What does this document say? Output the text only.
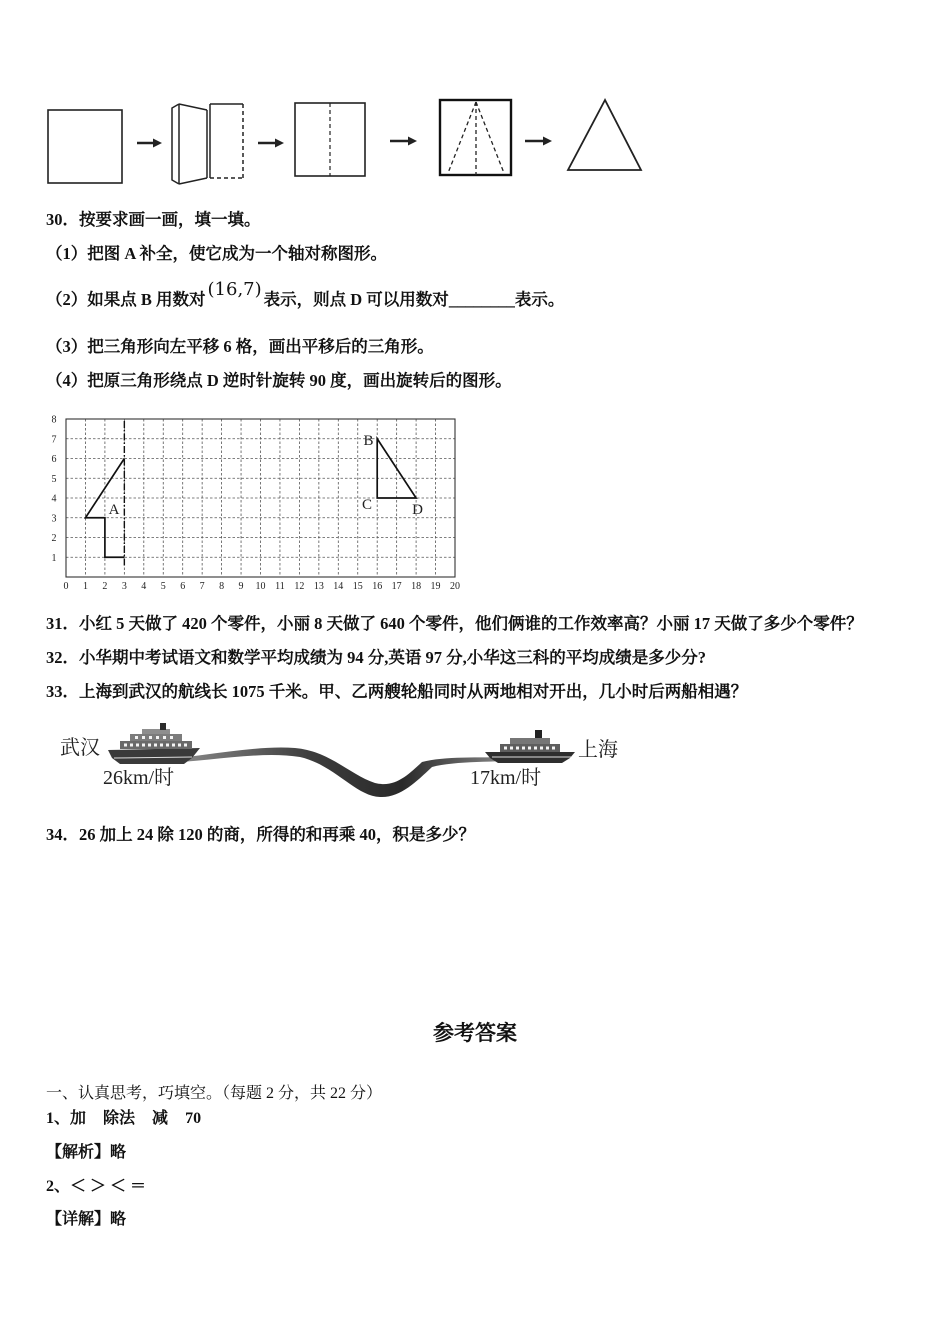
30．按要求画一画，填一填。
（1）把图 A 补全，使它成为一个轴对称图形。
（2）如果点 B 用数对 (16,7) 表示，则点 D 可以用数对________表示。
（3）把三角形向左平移 6 格，画出平移后的三角形。
（4）把原三角形绕点 D 逆时针旋转 90 度，画出旋转后的图形。
A
B
C	D
0 1 2 3 4 5 6 7 8 9 10 11 12 13 14 15 16 17 18 19 20
1
2
3
4
5
6
7
8
31．小红 5 天做了 420 个零件，小丽 8 天做了 640 个零件，他们俩谁的工作效率高？小丽 17 天做了多少个零件？
32．小华期中考试语文和数学平均成绩为 94 分,英语 97 分,小华这三科的平均成绩是多少分?
33．上海到武汉的航线长 1075 千米。甲、乙两艘轮船同时从两地相对开出，几小时后两船相遇？
武汉
26km/时	17km/时
上海
34．26 加上 24 除 120 的商，所得的和再乘 40，积是多少？
参考答案
一、认真思考，巧填空。（每题 2 分，共 22 分）
1、加 除法 减 70
【解析】略
2、＜ ＞ ＜ ＝
【详解】略
